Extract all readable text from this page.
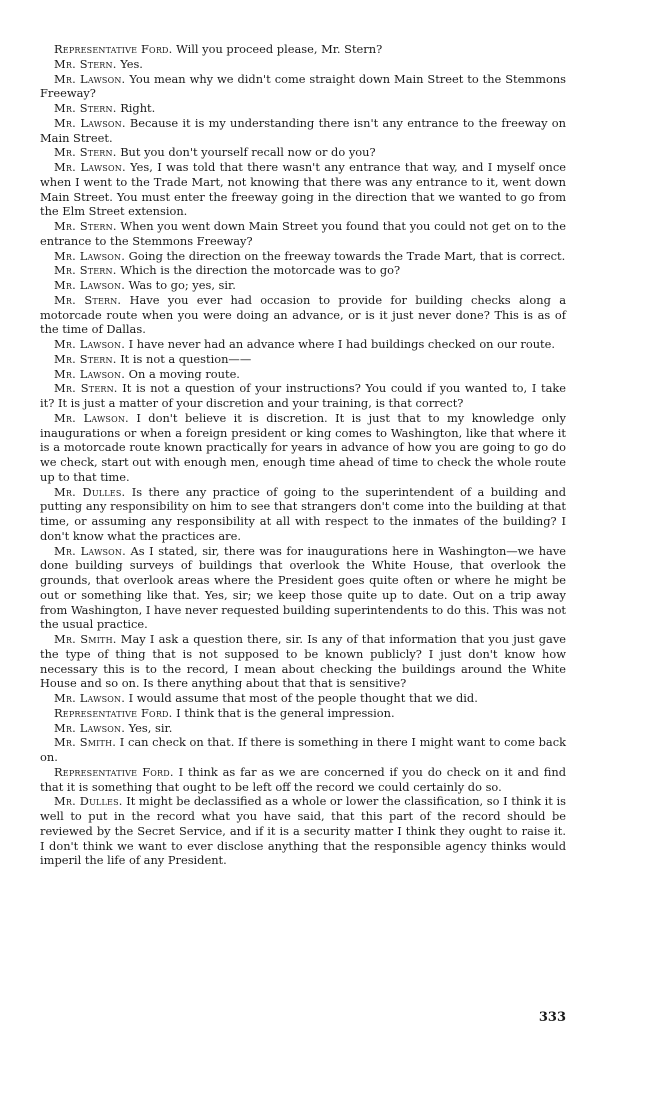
Representative Ford. Will you proceed please, Mr. Stern?

Mr. Stern. Yes.

Mr. Lawson. You mean why we didn't come straight down Main Street to the Stemmons Freeway?

Mr. Stern. Right.

Mr. Lawson. Because it is my understanding there isn't any entrance to the freeway on Main Street.

Mr. Stern. But you don't yourself recall now or do you?

Mr. Lawson. Yes, I was told that there wasn't any entrance that way, and I myself once when I went to the Trade Mart, not knowing that there was any entrance to it, went down Main Street. You must enter the freeway going in the direction that we wanted to go from the Elm Street extension.

Mr. Stern. When you went down Main Street you found that you could not get on to the entrance to the Stemmons Freeway?

Mr. Lawson. Going the direction on the freeway towards the Trade Mart, that is correct.

Mr. Stern. Which is the direction the motorcade was to go?

Mr. Lawson. Was to go; yes, sir.

Mr. Stern. Have you ever had occasion to provide for building checks along a motorcade route when you were doing an advance, or is it just never done? This is as of the time of Dallas.

Mr. Lawson. I have never had an advance where I had buildings checked on our route.

Mr. Stern. It is not a question——

Mr. Lawson. On a moving route.

Mr. Stern. It is not a question of your instructions? You could if you wanted to, I take it? It is just a matter of your discretion and your training, is that correct?

Mr. Lawson. I don't believe it is discretion. It is just that to my knowledge only inaugurations or when a foreign president or king comes to Washington, like that where it is a motorcade route known practically for years in advance of how you are going to go do we check, start out with enough men, enough time ahead of time to check the whole route up to that time.

Mr. Dulles. Is there any practice of going to the superintendent of a building and putting any responsibility on him to see that strangers don't come into the building at that time, or assuming any responsibility at all with respect to the inmates of the building? I don't know what the practices are.

Mr. Lawson. As I stated, sir, there was for inaugurations here in Washington—we have done building surveys of buildings that overlook the White House, that overlook the grounds, that overlook areas where the President goes quite often or where he might be out or something like that. Yes, sir; we keep those quite up to date. Out on a trip away from Washington, I have never requested building superintendents to do this. This was not the usual practice.

Mr. Smith. May I ask a question there, sir. Is any of that information that you just gave the type of thing that is not supposed to be known publicly? I just don't know how necessary this is to the record, I mean about checking the buildings around the White House and so on. Is there anything about that that is sensitive?

Mr. Lawson. I would assume that most of the people thought that we did.

Representative Ford. I think that is the general impression.

Mr. Lawson. Yes, sir.

Mr. Smith. I can check on that. If there is something in there I might want to come back on.

Representative Ford. I think as far as we are concerned if you do check on it and find that it is something that ought to be left off the record we could certainly do so.

Mr. Dulles. It might be declassified as a whole or lower the classification, so I think it is well to put in the record what you have said, that this part of the record should be reviewed by the Secret Service, and if it is a security matter I think they ought to raise it. I don't think we want to ever disclose anything that the responsible agency thinks would imperil the life of any President.

333
